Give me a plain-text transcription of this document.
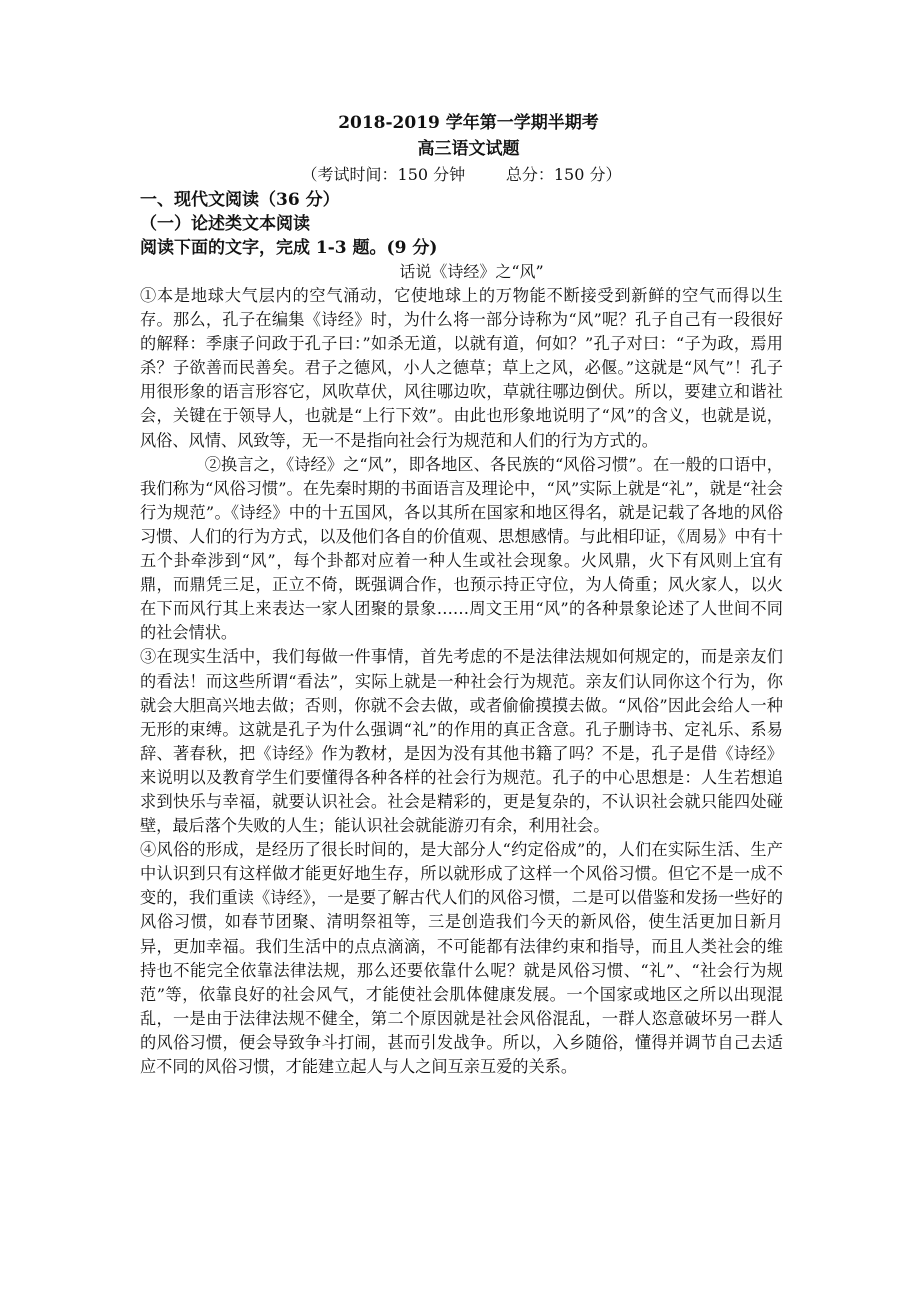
2018-2019 学年第一学期半期考
高三语文试题
（考试时间：150 分钟        总分：150 分）
一、现代文阅读（36 分）
（一）论述类文本阅读
阅读下面的文字，完成 1-3 题。(9 分)
话说《诗经》之“风”

①本是地球大气层内的空气涌动，它使地球上的万物能不断接受到新鲜的空气而得以生存。那么，孔子在编集《诗经》时，为什么将一部分诗称为“风”呢？孔子自己有一段很好的解释：季康子问政于孔子曰：”如杀无道，以就有道，何如？”孔子对曰：“子为政，焉用杀？子欲善而民善矣。君子之德风，小人之德草；草上之风，必偃。”这就是“风气”！孔子用很形象的语言形容它，风吹草伏，风往哪边吹，草就往哪边倒伏。所以，要建立和谐社会，关键在于领导人，也就是“上行下效”。由此也形象地说明了“风”的含义，也就是说，风俗、风情、风致等，无一不是指向社会行为规范和人们的行为方式的。

②换言之，《诗经》之“风”，即各地区、各民族的“风俗习惯”。在一般的口语中，我们称为“风俗习惯”。在先秦时期的书面语言及理论中，“风”实际上就是“礼”，就是“社会行为规范”。《诗经》中的十五国风，各以其所在国家和地区得名，就是记载了各地的风俗习惯、人们的行为方式，以及他们各自的价值观、思想感情。与此相印证，《周易》中有十五个卦牵涉到“风”，每个卦都对应着一种人生或社会现象。火风鼎，火下有风则上宜有鼎，而鼎凭三足，正立不倚，既强调合作，也预示持正守位，为人倚重；风火家人，以火在下而风行其上来表达一家人团聚的景象……周文王用“风”的各种景象论述了人世间不同的社会情状。

③在现实生活中，我们每做一件事情，首先考虑的不是法律法规如何规定的，而是亲友们的看法！而这些所谓“看法”，实际上就是一种社会行为规范。亲友们认同你这个行为，你就会大胆高兴地去做；否则，你就不会去做，或者偷偷摸摸去做。“风俗”因此会给人一种无形的束缚。这就是孔子为什么强调“礼”的作用的真正含意。孔子删诗书、定礼乐、系易辞、著春秋，把《诗经》作为教材，是因为没有其他书籍了吗？不是，孔子是借《诗经》来说明以及教育学生们要懂得各种各样的社会行为规范。孔子的中心思想是：人生若想追求到快乐与幸福，就要认识社会。社会是精彩的，更是复杂的，不认识社会就只能四处碰壁，最后落个失败的人生；能认识社会就能游刃有余，利用社会。

④风俗的形成，是经历了很长时间的，是大部分人“约定俗成”的，人们在实际生活、生产中认识到只有这样做才能更好地生存，所以就形成了这样一个风俗习惯。但它不是一成不变的，我们重读《诗经》，一是要了解古代人们的风俗习惯，二是可以借鉴和发扬一些好的风俗习惯，如春节团聚、清明祭祖等，三是创造我们今天的新风俗，使生活更加日新月异，更加幸福。我们生活中的点点滴滴，不可能都有法律约束和指导，而且人类社会的维持也不能完全依靠法律法规，那么还要依靠什么呢？就是风俗习惯、“礼”、“社会行为规范”等，依靠良好的社会风气，才能使社会肌体健康发展。一个国家或地区之所以出现混乱，一是由于法律法规不健全，第二个原因就是社会风俗混乱，一群人恣意破坏另一群人的风俗习惯，便会导致争斗打闹，甚而引发战争。所以，入乡随俗，懂得并调节自己去适应不同的风俗习惯，才能建立起人与人之间互亲互爱的关系。
